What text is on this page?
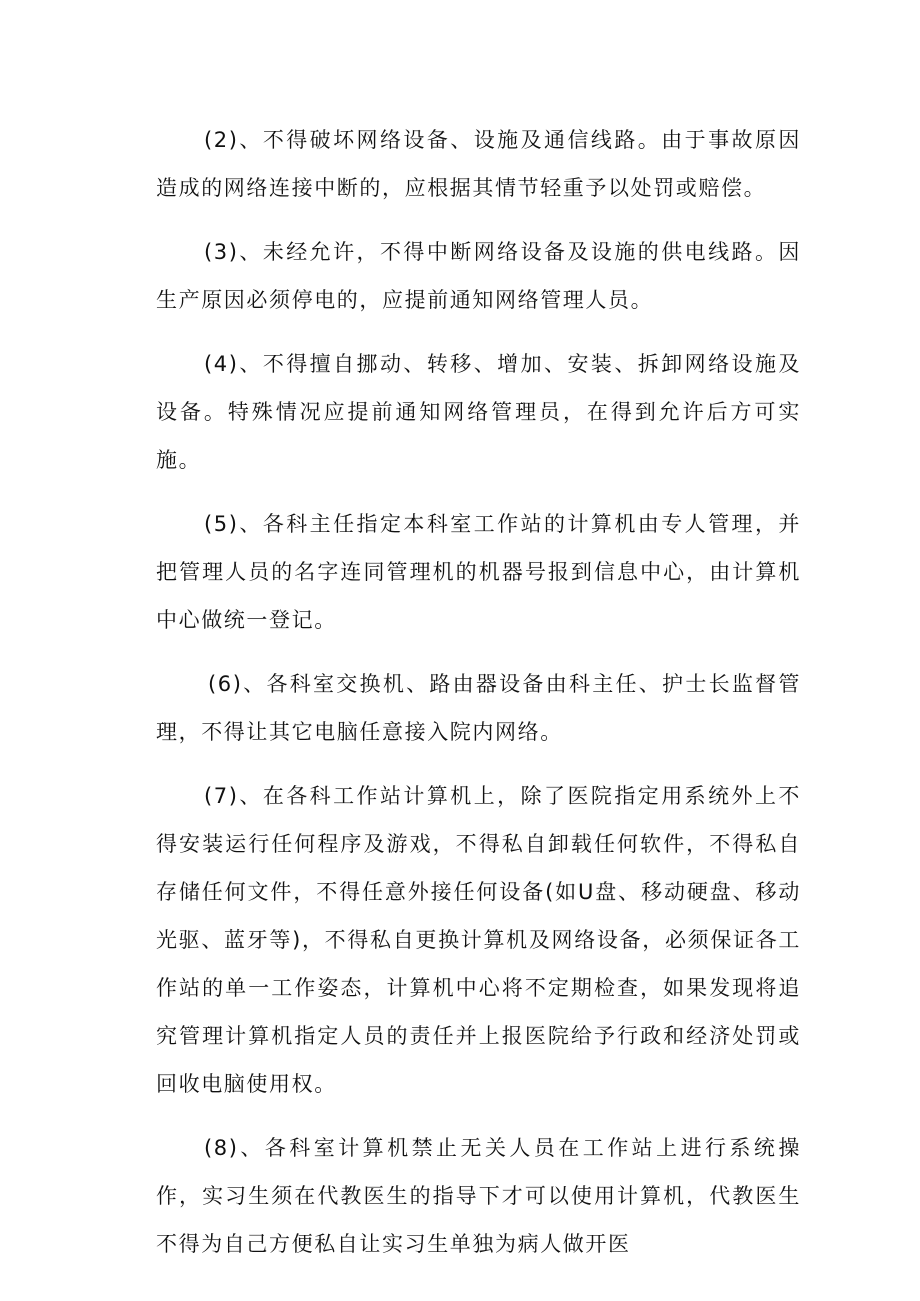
(2)、不得破坏网络设备、设施及通信线路。由于事故原因造成的网络连接中断的，应根据其情节轻重予以处罚或赔偿。

(3)、未经允许，不得中断网络设备及设施的供电线路。因生产原因必须停电的，应提前通知网络管理人员。

(4)、不得擅自挪动、转移、增加、安装、拆卸网络设施及设备。特殊情况应提前通知网络管理员，在得到允许后方可实施。

(5)、各科主任指定本科室工作站的计算机由专人管理，并把管理人员的名字连同管理机的机器号报到信息中心，由计算机中心做统一登记。

(6)、各科室交换机、路由器设备由科主任、护士长监督管理，不得让其它电脑任意接入院内网络。

(7)、在各科工作站计算机上，除了医院指定用系统外上不得安装运行任何程序及游戏，不得私自卸载任何软件，不得私自存储任何文件，不得任意外接任何设备(如U盘、移动硬盘、移动光驱、蓝牙等)，不得私自更换计算机及网络设备，必须保证各工作站的单一工作姿态，计算机中心将不定期检查，如果发现将追究管理计算机指定人员的责任并上报医院给予行政和经济处罚或回收电脑使用权。

(8)、各科室计算机禁止无关人员在工作站上进行系统操作，实习生须在代教医生的指导下才可以使用计算机，代教医生不得为自己方便私自让实习生单独为病人做开医
